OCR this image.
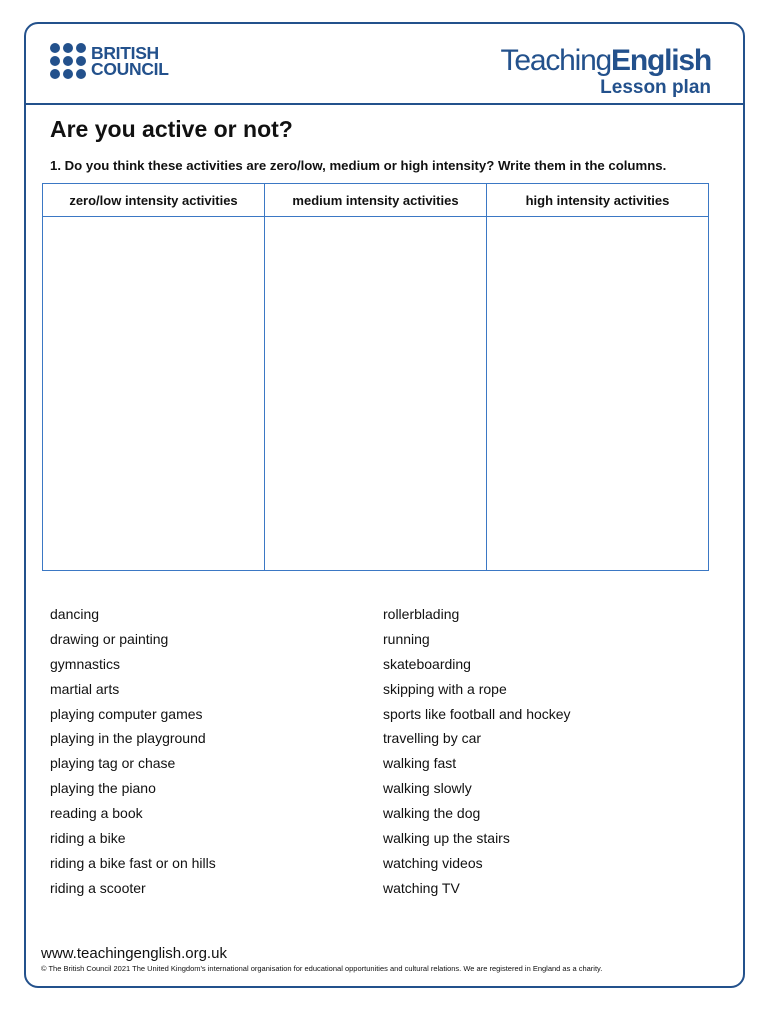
BRITISH
COUNCIL	TeachingEnglish
Lesson plan
Are you active or not?

1. Do you think these activities are zero/low, medium or high intensity? Write them in the columns.

zero/low intensity activities	medium intensity activities	high intensity activities

dancing
drawing or painting
gymnastics
martial arts
playing computer games
playing in the playground
playing tag or chase
playing the piano
reading a book
riding a bike
riding a bike fast or on hills
riding a scooter
rollerblading
running
skateboarding
skipping with a rope
sports like football and hockey
travelling by car
walking fast
walking slowly
walking the dog
walking up the stairs
watching videos
watching TV
www.teachingenglish.org.uk
© The British Council 2021 The United Kingdom's international organisation for educational opportunities and cultural relations. We are registered in England as a charity.
